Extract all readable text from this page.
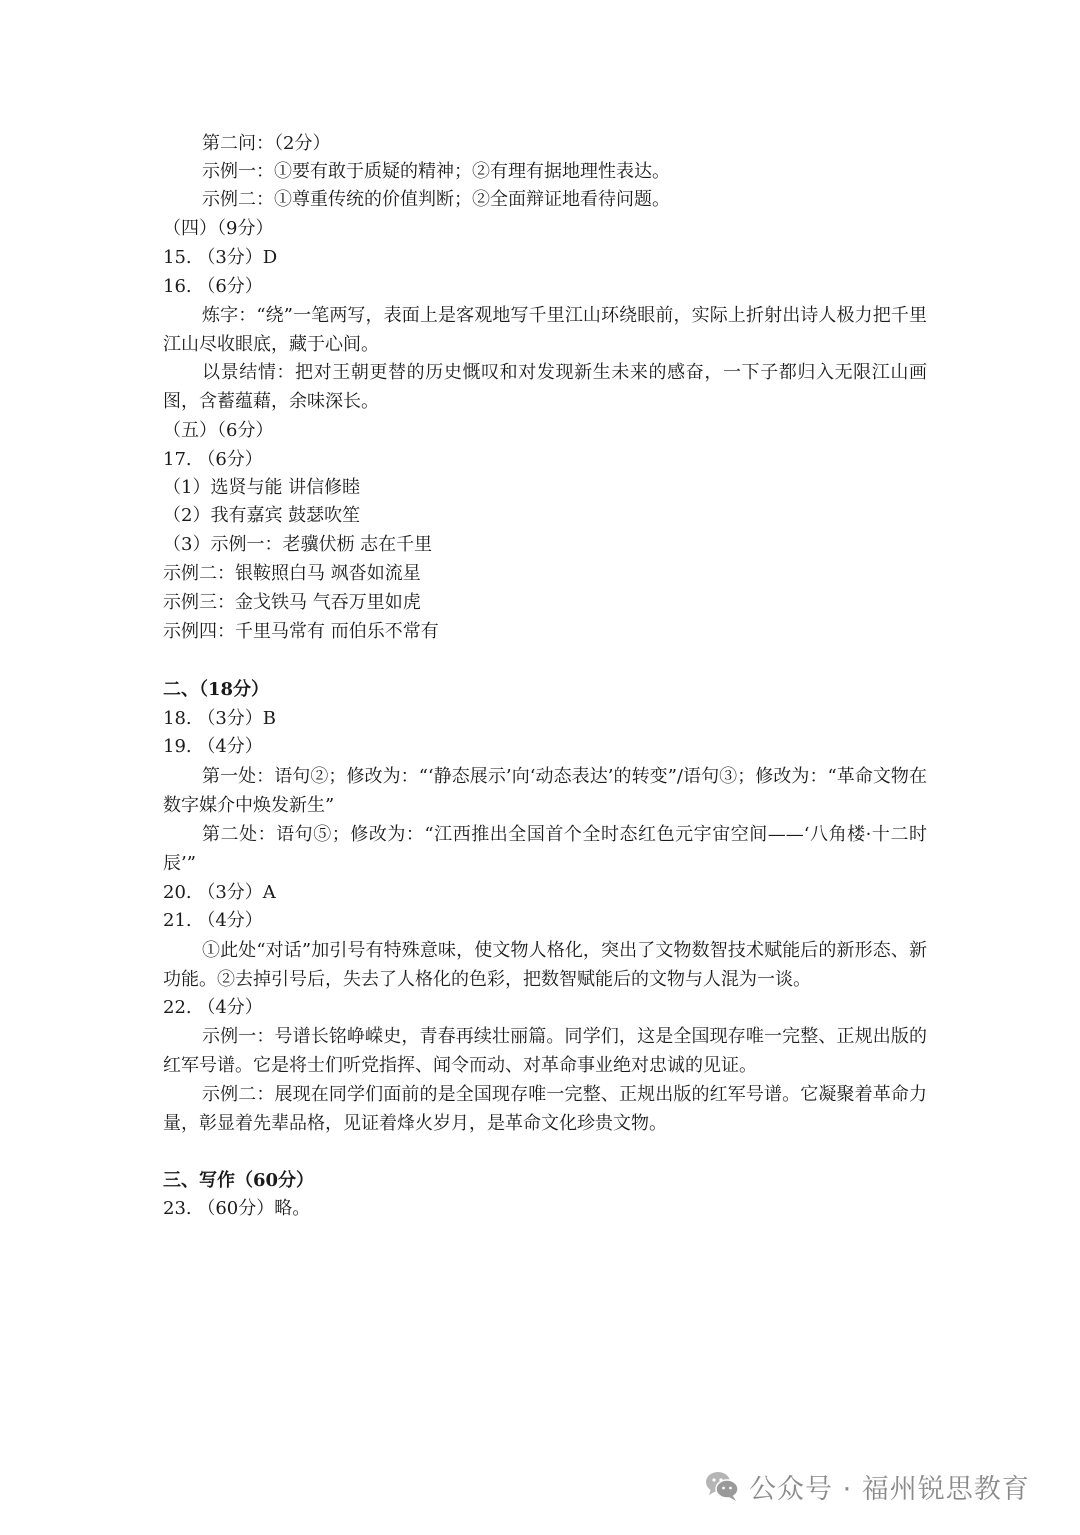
第二问：（2分）
示例一：①要有敢于质疑的精神；②有理有据地理性表达。
示例二：①尊重传统的价值判断；②全面辩证地看待问题。
（四）（9分）
15. （3分）D
16. （6分）
炼字：“绕”一笔两写，表面上是客观地写千里江山环绕眼前，实际上折射出诗人极力把千里江山尽收眼底，藏于心间。
以景结情：把对王朝更替的历史慨叹和对发现新生未来的感奋，一下子都归入无限江山画图，含蓄蕴藉，余味深长。
（五）（6分）
17. （6分）
（1）选贤与能 讲信修睦
（2）我有嘉宾 鼓瑟吹笙
（3）示例一：老骥伏枥 志在千里
示例二：银鞍照白马 飒沓如流星
示例三：金戈铁马 气吞万里如虎
示例四：千里马常有 而伯乐不常有
二、（18分）
18. （3分）B
19. （4分）
第一处：语句②；修改为：“‘静态展示’向‘动态表达’的转变”/语句③；修改为：“革命文物在数字媒介中焕发新生”
第二处：语句⑤；修改为：“江西推出全国首个全时态红色元宇宙空间——‘八角楼·十二时辰’”
20. （3分）A
21. （4分）
①此处“对话”加引号有特殊意味，使文物人格化，突出了文物数智技术赋能后的新形态、新功能。②去掉引号后，失去了人格化的色彩，把数智赋能后的文物与人混为一谈。
22. （4分）
示例一：号谱长铭峥嵘史，青春再续壮丽篇。同学们，这是全国现存唯一完整、正规出版的红军号谱。它是将士们听党指挥、闻令而动、对革命事业绝对忠诚的见证。
示例二：展现在同学们面前的是全国现存唯一完整、正规出版的红军号谱。它凝聚着革命力量，彰显着先辈品格，见证着烽火岁月，是革命文化珍贵文物。
三、写作（60分）
23. （60分）略。
公众号 · 福州锐思教育
